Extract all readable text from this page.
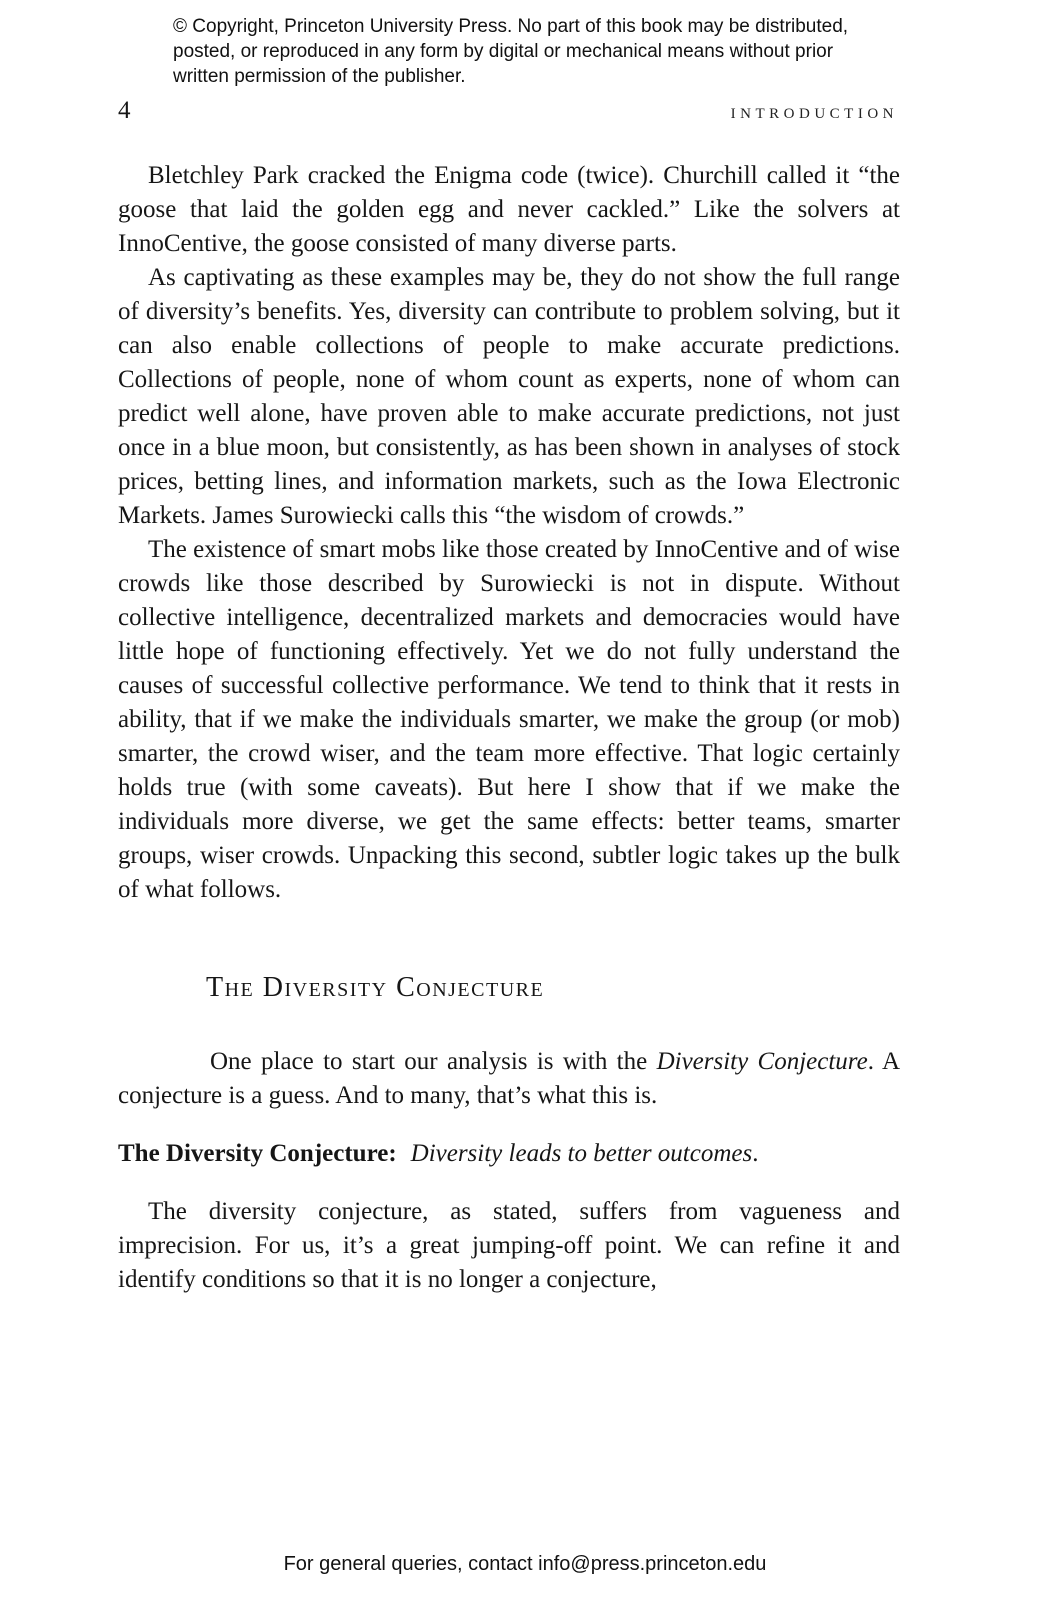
© Copyright, Princeton University Press. No part of this book may be distributed, posted, or reproduced in any form by digital or mechanical means without prior written permission of the publisher.
4	INTRODUCTION

Bletchley Park cracked the Enigma code (twice). Churchill called it “the goose that laid the golden egg and never cackled.” Like the solvers at InnoCentive, the goose consisted of many diverse parts.

As captivating as these examples may be, they do not show the full range of diversity’s benefits. Yes, diversity can contribute to problem solving, but it can also enable collections of people to make accurate predictions. Collections of people, none of whom count as experts, none of whom can predict well alone, have proven able to make accurate predictions, not just once in a blue moon, but consistently, as has been shown in analyses of stock prices, betting lines, and information markets, such as the Iowa Electronic Markets. James Surowiecki calls this “the wisdom of crowds.”

The existence of smart mobs like those created by InnoCentive and of wise crowds like those described by Surowiecki is not in dispute. Without collective intelligence, decentralized markets and democracies would have little hope of functioning effectively. Yet we do not fully understand the causes of successful collective performance. We tend to think that it rests in ability, that if we make the individuals smarter, we make the group (or mob) smarter, the crowd wiser, and the team more effective. That logic certainly holds true (with some caveats). But here I show that if we make the individuals more diverse, we get the same effects: better teams, smarter groups, wiser crowds. Unpacking this second, subtler logic takes up the bulk of what follows.

The Diversity Conjecture

One place to start our analysis is with the Diversity Conjecture. A conjecture is a guess. And to many, that’s what this is.

The Diversity Conjecture: Diversity leads to better outcomes.

The diversity conjecture, as stated, suffers from vagueness and imprecision. For us, it’s a great jumping-off point. We can refine it and identify conditions so that it is no longer a conjecture,

For general queries, contact info@press.princeton.edu
